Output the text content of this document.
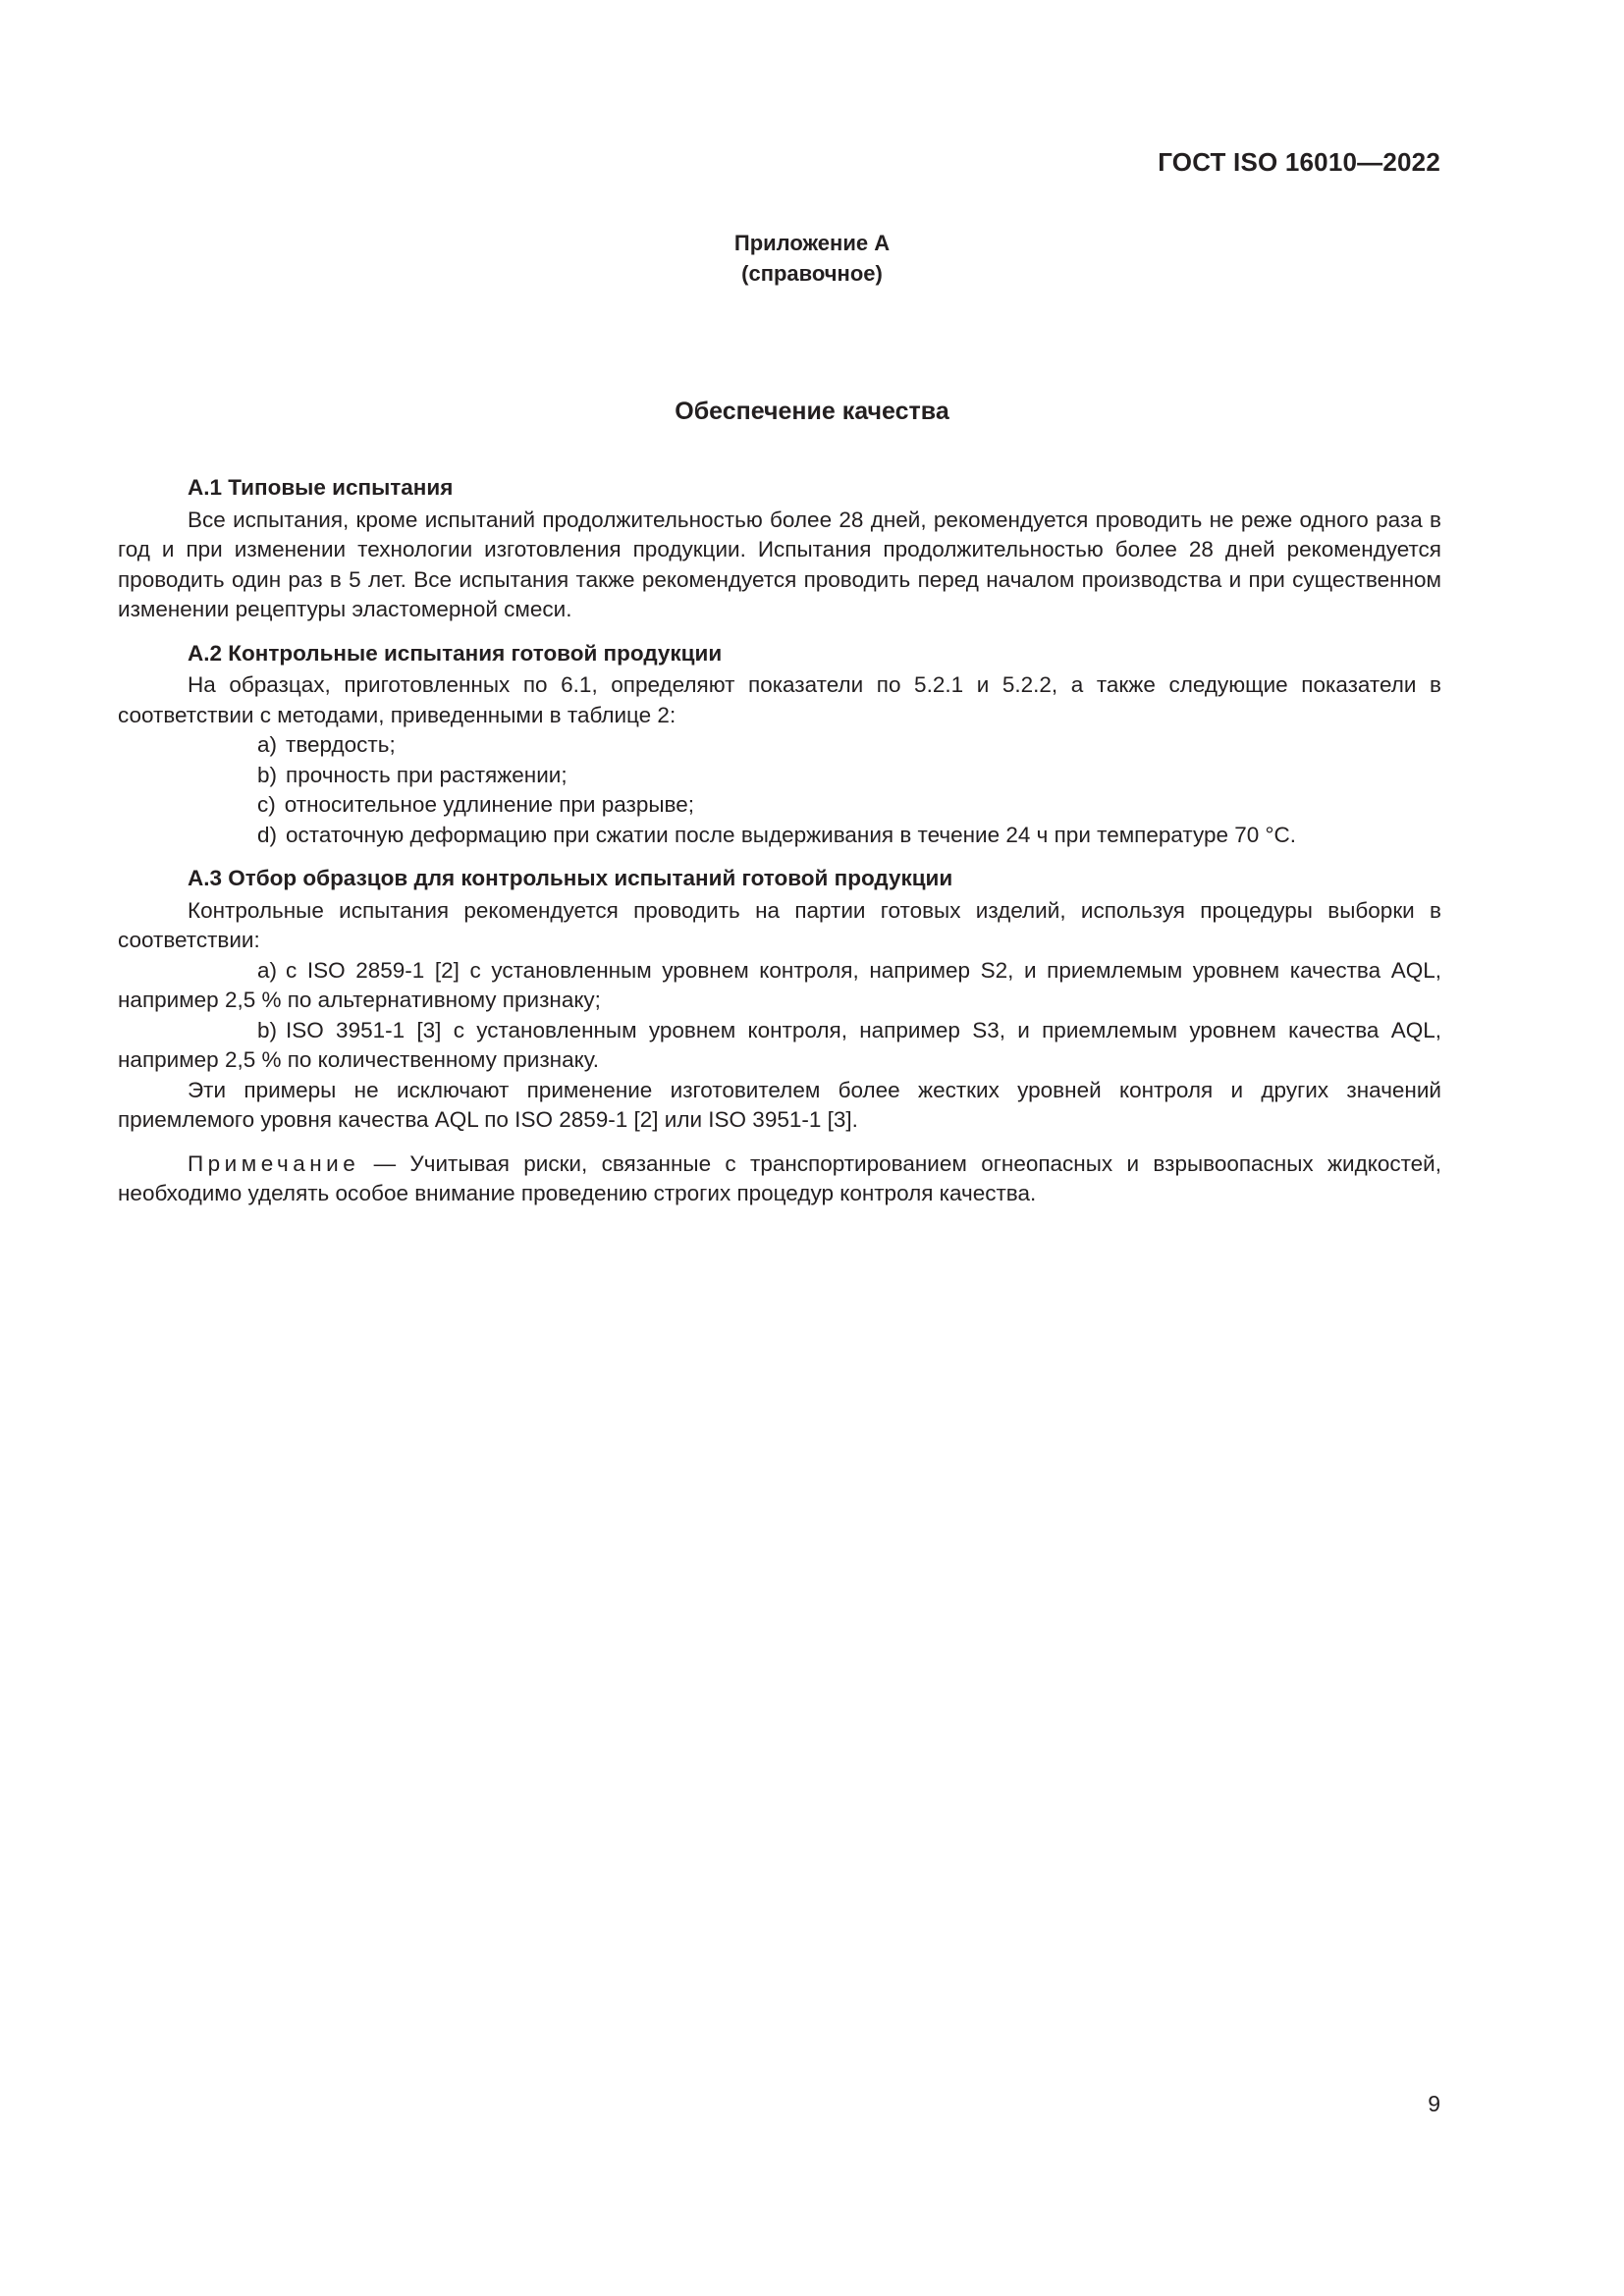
ГОСТ ISO 16010—2022
Приложение А
(справочное)
Обеспечение качества

А.1 Типовые испытания

Все испытания, кроме испытаний продолжительностью более 28 дней, рекомендуется проводить не реже одного раза в год и при изменении технологии изготовления продукции. Испытания продолжительностью более 28 дней рекомендуется проводить один раз в 5 лет. Все испытания также рекомендуется проводить перед началом производства и при существенном изменении рецептуры эластомерной смеси.

А.2 Контрольные испытания готовой продукции

На образцах, приготовленных по 6.1, определяют показатели по 5.2.1 и 5.2.2, а также следующие показатели в соответствии с методами, приведенными в таблице 2:

a) твердость;

b) прочность при растяжении;

c) относительное удлинение при разрыве;

d) остаточную деформацию при сжатии после выдерживания в течение 24 ч при температуре 70 °С.

А.3 Отбор образцов для контрольных испытаний готовой продукции

Контрольные испытания рекомендуется проводить на партии готовых изделий, используя процедуры выборки в соответствии:

a) с ISO 2859-1 [2] с установленным уровнем контроля, например S2, и приемлемым уровнем качества AQL, например 2,5 % по альтернативному признаку;

b) ISO 3951-1 [3] с установленным уровнем контроля, например S3, и приемлемым уровнем качества AQL, например 2,5 % по количественному признаку.

Эти примеры не исключают применение изготовителем более жестких уровней контроля и других значений приемлемого уровня качества AQL по ISO 2859-1 [2] или ISO 3951-1 [3].

Примечание — Учитывая риски, связанные с транспортированием огнеопасных и взрывоопасных жидкостей, необходимо уделять особое внимание проведению строгих процедур контроля качества.

9
